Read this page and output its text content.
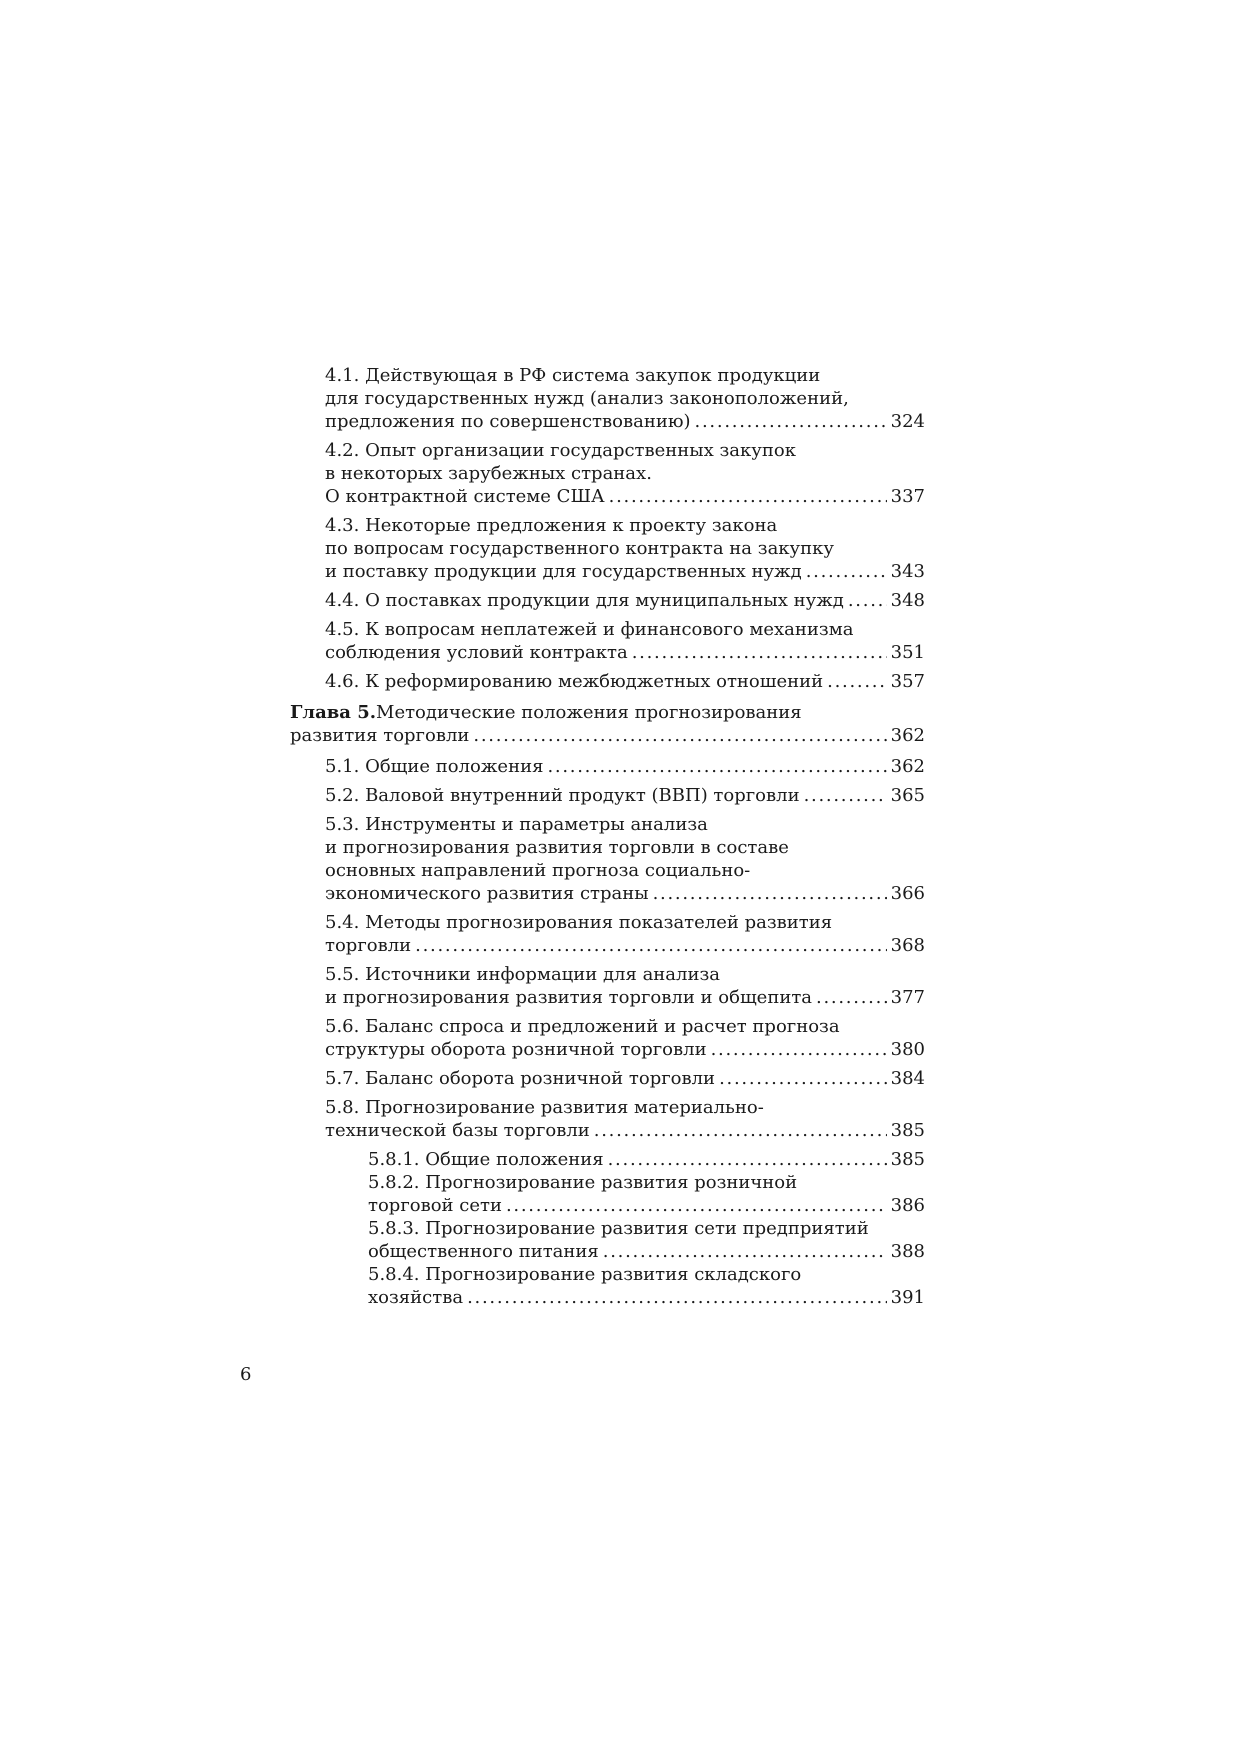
4.1. Действующая в РФ система закупок продукции
для государственных нужд (анализ законоположений,
предложения по совершенствованию) . . .	324
4.2. Опыт организации государственных закупок
в некоторых зарубежных странах.
О контрактной системе США . . .	337
4.3. Некоторые предложения к проекту закона
по вопросам государственного контракта на закупку
и поставку продукции для государственных нужд . . .	343
4.4. О поставках продукции для муниципальных нужд . . .	348
4.5. К вопросам неплатежей и финансового механизма
соблюдения условий контракта . . .	351
4.6. К реформированию межбюджетных отношений . . .	357
Глава 5. Методические положения прогнозирования
развития торговли . . .	362
5.1. Общие положения . . .	362
5.2. Валовой внутренний продукт (ВВП) торговли . . .	365
5.3. Инструменты и параметры анализа
и прогнозирования развития торговли в составе
основных направлений прогноза социально-
экономического развития страны . . .	366
5.4. Методы прогнозирования показателей развития
торговли . . .	368
5.5. Источники информации для анализа
и прогнозирования развития торговли и общепита . . .	377
5.6. Баланс спроса и предложений и расчет прогноза
структуры оборота розничной торговли . . .	380
5.7. Баланс оборота розничной торговли . . .	384
5.8. Прогнозирование развития материально-
технической базы торговли . . .	385
5.8.1. Общие положения . . .	385
5.8.2. Прогнозирование развития розничной
торговой сети . . .	386
5.8.3. Прогнозирование развития сети предприятий
общественного питания . . .	388
5.8.4. Прогнозирование развития складского
хозяйства . . .	391
6
